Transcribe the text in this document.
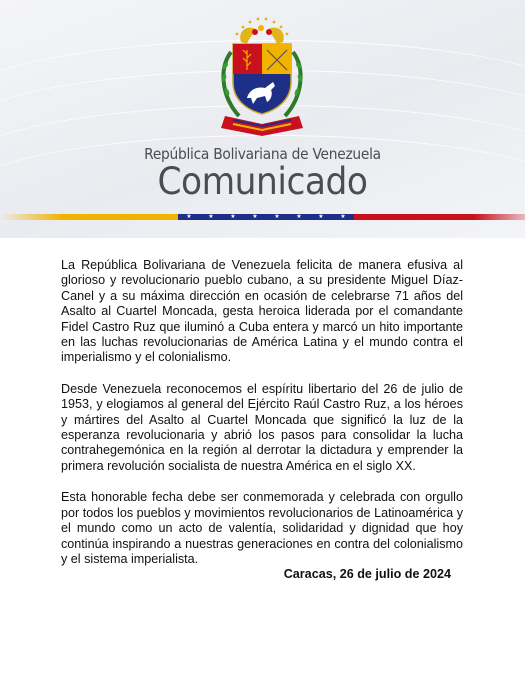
República Bolivariana de Venezuela
Comunicado
★	★	★	★	★	★	★	★

La República Bolivariana de Venezuela felicita de manera efusiva al glorioso y revolucionario pueblo cubano, a su presidente Miguel Díaz-Canel y a su máxima dirección en ocasión de celebrarse 71 años del Asalto al Cuartel Moncada, gesta heroica liderada por el comandante Fidel Castro Ruz que iluminó a Cuba entera y marcó un hito importante en las luchas revolucionarias de América Latina y el mundo contra el imperialismo y el colonialismo.

Desde Venezuela reconocemos el espíritu libertario del 26 de julio de 1953, y elogiamos al general del Ejército Raúl Castro Ruz, a los héroes y mártires del Asalto al Cuartel Moncada que significó la luz de la esperanza revolucionaria y abrió los pasos para consolidar la lucha contrahegemónica en la región al derrotar la dictadura y emprender la primera revolución socialista de nuestra América en el siglo XX.

Esta honorable fecha debe ser conmemorada y celebrada con orgullo por todos los pueblos y movimientos revolucionarios de Latinoamérica y el mundo como un acto de valentía, solidaridad y dignidad que hoy continúa inspirando a nuestras generaciones en contra del colonialismo y el sistema imperialista.

Caracas, 26 de julio de 2024
